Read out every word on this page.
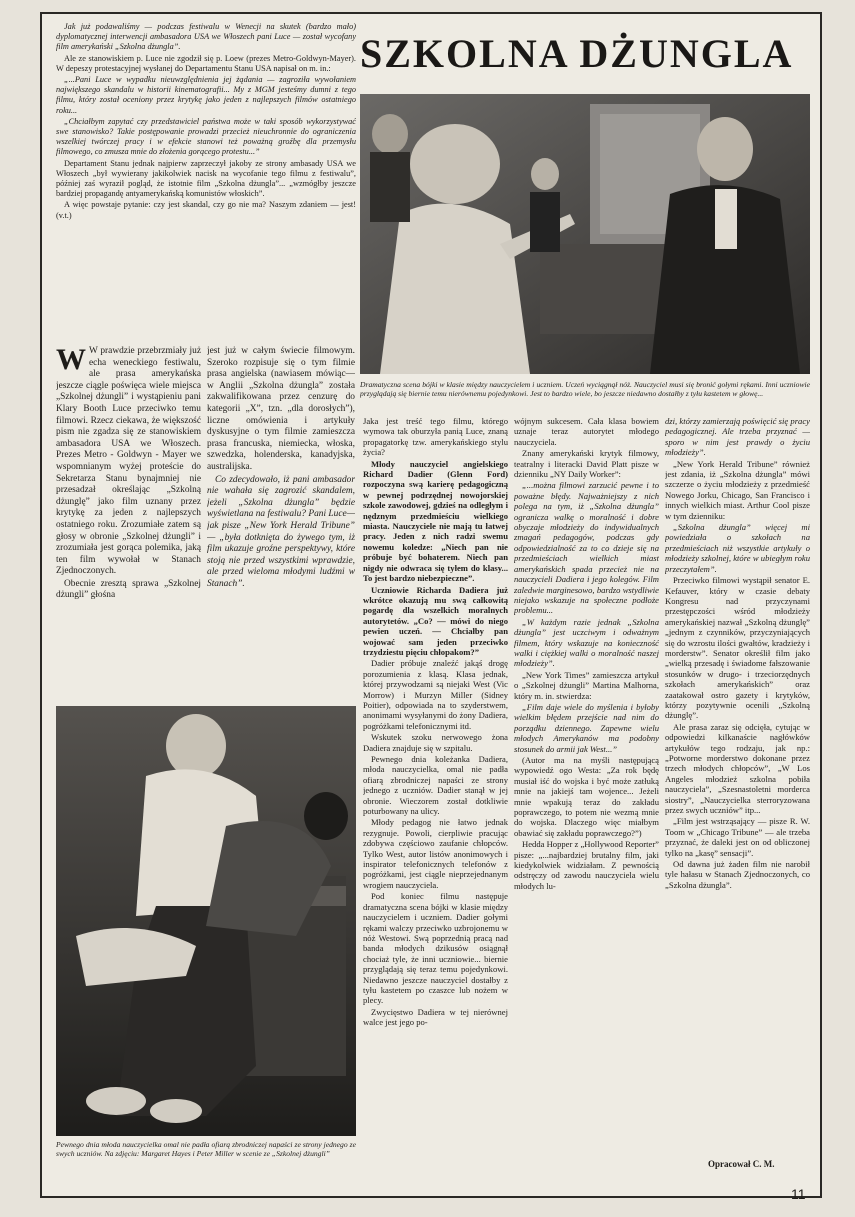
SZKOLNA DŻUNGLA

Jak już podawaliśmy — podczas festiwalu w Wenecji na skutek (bardzo mało) dyplomatycznej interwencji ambasadora USA we Włoszech pani Luce — został wycofany film amerykański „Szkolna dżungla”.

Ale ze stanowiskiem p. Luce nie zgodził się p. Loew (prezes Metro-Goldwyn-Mayer). W depeszy protestacyjnej wysłanej do Departamentu Stanu USA napisał on m. in.:

„...Pani Luce w wypadku nieuwzględnienia jej żądania — zagroziła wywołaniem największego skandalu w historii kinematografii... My z MGM jesteśmy dumni z tego filmu, który został oceniony przez krytykę jako jeden z najlepszych filmów ostatniego roku...

„Chciałbym zapytać czy przedstawiciel państwa może w taki sposób wykorzystywać swe stanowisko? Takie postępowanie prowadzi przecież nieuchronnie do ograniczenia wszelkiej twórczej pracy i w efekcie stanowi też poważną groźbę dla przemysłu filmowego, co zmusza mnie do złożenia gorącego protestu...”

Departament Stanu jednak najpierw zaprzeczył jakoby ze strony ambasady USA we Włoszech „był wywierany jakikolwiek nacisk na wycofanie tego filmu z festiwalu”, później zaś wyraził pogląd, że istotnie film „Szkolna dżungla”... „wzmógłby jeszcze bardziej propagandę antyamerykańską komunistów włoskich”.

A więc powstaje pytanie: czy jest skandal, czy go nie ma? Naszym zdaniem — jest! (v.t.)

Dramatyczna scena bójki w klasie między nauczycielem i uczniem. Uczeń wyciągnął nóż. Nauczyciel musi się bronić gołymi rękami. Inni uczniowie przyglądają się biernie temu nierównemu pojedynkowi. Jest to bardzo wiele, bo jeszcze niedawno dostałby z tyłu kastetem w głowę...

W W prawdzie przebrzmiały już echa weneckiego festiwalu, ale prasa amerykańska jeszcze ciągle poświęca wiele miejsca „Szkolnej dżungli” i wystąpieniu pani Klary Booth Luce przeciwko temu filmowi. Rzecz ciekawa, że większość pism nie zgadza się ze stanowiskiem ambasadora USA we Włoszech. Prezes Metro - Goldwyn - Mayer we wspomnianym wyżej proteście do Sekretarza Stanu bynajmniej nie przesadzał określając „Szkolną dżunglę” jako film uznany przez krytykę za jeden z najlepszych ostatniego roku. Zrozumiałe zatem są głosy w obronie „Szkolnej dżungli” i zrozumiała jest gorąca polemika, jaką ten film wywołał w Stanach Zjednoczonych.

Obecnie zresztą sprawa „Szkolnej dżungli” głośna

jest już w całym świecie filmowym. Szeroko rozpisuje się o tym filmie prasa angielska (nawiasem mówiąc—w Anglii „Szkolna dżungla” została zakwalifikowana przez cenzurę do kategorii „X”, tzn. „dla dorosłych”), liczne omówienia i artykuły dyskusyjne o tym filmie zamieszcza prasa francuska, niemiecka, włoska, szwedzka, holenderska, kanadyjska, australijska.

Co zdecydowało, iż pani ambasador nie wahała się zagrozić skandalem, jeżeli „Szkolna dżungla” będzie wyświetlana na festiwalu? Pani Luce—jak pisze „New York Herald Tribune” — „była dotknięta do żywego tym, iż film ukazuje groźne perspektywy, które stoją nie przed wszystkimi wprawdzie, ale przed wieloma młodymi ludźmi w Stanach”.

Pewnego dnia młoda nauczycielka omal nie padła ofiarą zbrodniczej napaści ze strony jednego ze swych uczniów. Na zdjęciu: Margaret Hayes i Peter Miller w scenie ze „Szkolnej dżungli”

Jaka jest treść tego filmu, którego wymowa tak oburzyła panią Luce, znaną propagatorkę tzw. amerykańskiego stylu życia?

Młody nauczyciel angielskiego Richard Dadier (Glenn Ford) rozpoczyna swą karierę pedagogiczną w pewnej podrzędnej nowojorskiej szkole zawodowej, gdzieś na odległym i nędznym przedmieściu wielkiego miasta. Nauczyciele nie mają tu łatwej pracy. Jeden z nich radzi swemu nowemu koledze: „Niech pan nie próbuje być bohaterem. Niech pan nigdy nie odwraca się tyłem do klasy... To jest bardzo niebezpieczne”.

Uczniowie Richarda Dadiera już wkrótce okazują mu swą całkowitą pogardę dla wszelkich moralnych autorytetów. „Co? — mówi do niego pewien uczeń. — Chciałby pan wojować sam jeden przeciwko trzydziestu pięciu chłopakom?”

Dadier próbuje znaleźć jakąś drogę porozumienia z klasą. Klasa jednak, której przywodzami są niejaki West (Vic Morrow) i Murzyn Miller (Sidney Poitier), odpowiada na to szyderstwem, anonimami wysyłanymi do żony Dadiera, pogróżkami telefonicznymi itd.

Wskutek szoku nerwowego żona Dadiera znajduje się w szpitalu.

Pewnego dnia koleżanka Dadiera, młoda nauczycielka, omal nie padła ofiarą zbrodniczej napaści ze strony jednego z uczniów. Dadier stanął w jej obronie. Wieczorem został dotkliwie poturbowany na ulicy.

Młody pedagog nie łatwo jednak rezygnuje. Powoli, cierpliwie pracując zdobywa częściowo zaufanie chłopców. Tylko West, autor listów anonimowych i inspirator telefonicznych telefonów z pogróżkami, jest ciągle nieprzejednanym wrogiem nauczyciela.

Pod koniec filmu następuje dramatyczna scena bójki w klasie między nauczycielem i uczniem. Dadier gołymi rękami walczy przeciwko uzbrojonemu w nóż Westowi. Swą poprzednią pracą nad banda młodych dzikusów osiągnął chociaż tyle, że inni uczniowie... biernie przyglądają się teraz temu pojedynkowi. Niedawno jeszcze nauczyciel dostałby z tyłu kastetem po czaszce lub nożem w plecy.

Zwycięstwo Dadiera w tej nierównej walce jest jego po-

wójnym sukcesem. Cała klasa bowiem uznaje teraz autorytet młodego nauczyciela.

Znany amerykański krytyk filmowy, teatralny i literacki David Platt pisze w dzienniku „NY Daily Worker”:

„...można filmowi zarzucić pewne i to poważne błędy. Najważniejszy z nich polega na tym, iż „Szkolna dżungla” ogranicza walkę o moralność i dobre obyczaje młodzieży do indywidualnych zmagań pedagogów, podczas gdy odpowiedzialność za to co dzieje się na przedmieściach wielkich miast amerykańskich spada przecież nie na nauczycieli Dadiera i jego kolegów. Film zaledwie marginesowo, bardzo wstydliwie niejako wskazuje na społeczne podłoże problemu...

„W każdym razie jednak „Szkolna dżungla” jest uczciwym i odważnym filmem, który wskazuje na konieczność walki i ciężkiej walki o moralność naszej młodzieży”.

„New York Times” zamieszcza artykuł o „Szkolnej dżungli” Martina Malhorna, który m. in. stwierdza:

„Film daje wiele do myślenia i byłoby wielkim błędem przejście nad nim do porządku dziennego. Zapewne wielu młodych Amerykanów ma podobny stosunek do armii jak West...”

(Autor ma na myśli następującą wypowiedź ogo Westa: „Za rok będę musiał iść do wojska i być może zatłuką mnie na jakiejś tam wojence... Jeżeli mnie wpakują teraz do zakładu poprawczego, to potem nie wezmą mnie do wojska. Dlaczego więc miałbym obawiać się zakładu poprawczego?”)

Hedda Hopper z „Hollywood Reporter” pisze: „...najbardziej brutalny film, jaki kiedykolwiek widziałam. Z pewnością odstręczy od zawodu nauczyciela wielu młodych lu-

dzi, którzy zamierzają poświęcić się pracy pedagogicznej. Ale trzeba przyznać — sporo w nim jest prawdy o życiu młodzieży”.

„New York Herald Tribune” również jest zdania, iż „Szkolna dżungla” mówi szczerze o życiu młodzieży z przedmieść Nowego Jorku, Chicago, San Francisco i innych wielkich miast. Arthur Cool pisze w tym dzienniku:

„Szkolna dżungla” więcej mi powiedziała o szkołach na przedmieściach niż wszystkie artykuły o młodzieży szkolnej, które w ubiegłym roku przeczytałem”.

Przeciwko filmowi wystąpił senator E. Kefauver, który w czasie debaty Kongresu nad przyczynami przestępczości wśród młodzieży amerykańskiej nazwał „Szkolną dżunglę” „jednym z czynników, przyczyniających się do wzrostu ilości gwałtów, kradzieży i morderstw”. Senator określił film jako „wielką przesadę i świadome fałszowanie stosunków w drugo- i trzeciorzędnych szkołach amerykańskich” oraz zaatakował ostro gazety i krytyków, którzy pozytywnie ocenili „Szkolną dżunglę”.

Ale prasa zaraz się odcięła, cytując w odpowiedzi kilkanaście nagłówków artykułów tego rodzaju, jak np.: „Potworne morderstwo dokonane przez trzech młodych chłopców”, „W Los Angeles młodzież szkolna pobiła nauczyciela”, „Szesnastoletni morderca siostry”, „Nauczycielka sterroryzowana przez swych uczniów” itp...

„Film jest wstrząsający — pisze R. W. Toom w „Chicago Tribune” — ale trzeba przyznać, że daleki jest on od obliczonej tylko na „kasę” sensacji”.

Od dawna już żaden film nie narobił tyle hałasu w Stanach Zjednoczonych, co „Szkolna dżungla”.

Opracował C. M.
11
